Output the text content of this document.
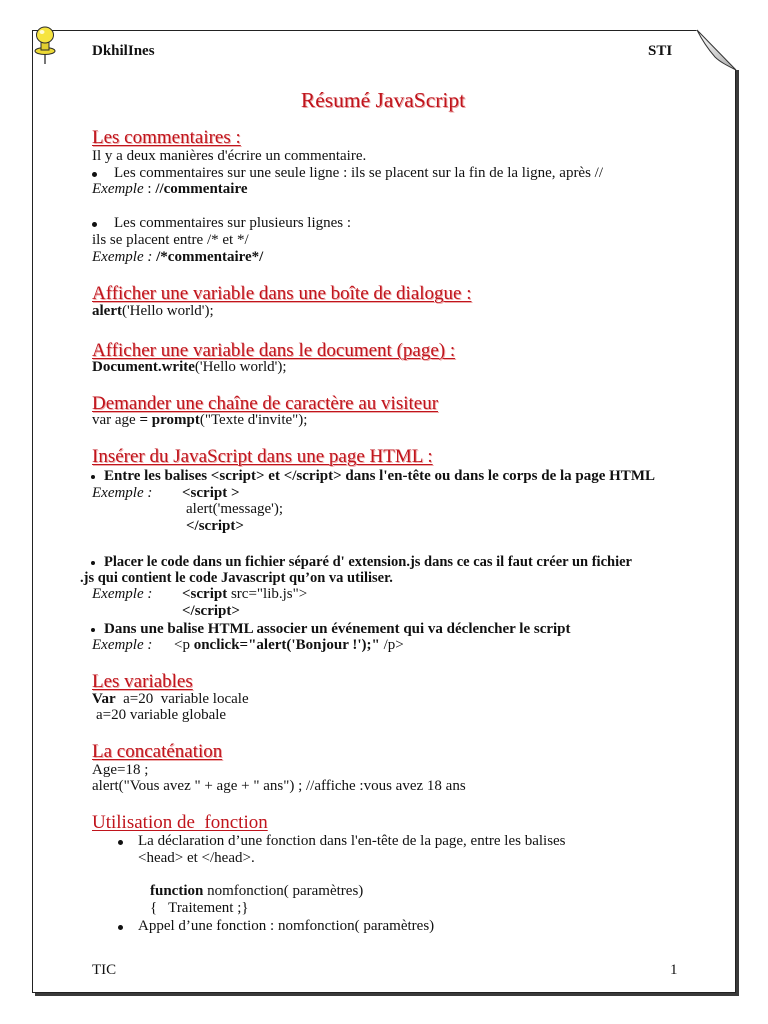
DkhilInes	STI
Résumé JavaScript
Les commentaires :
Il y a deux manières d'écrire un commentaire.
Les commentaires sur une seule ligne : ils se placent sur la fin de la ligne, après //
Exemple : //commentaire
Les commentaires sur plusieurs lignes :
ils se placent entre /* et */
Exemple : /*commentaire*/
Afficher une variable dans une boîte de dialogue :
alert('Hello world');
Afficher une variable dans le document (page) :
Document.write('Hello world');
Demander une chaîne de caractère au visiteur
var age = prompt("Texte d'invite");
Insérer du JavaScript dans une page HTML :
Entre les balises <script> et </script> dans l'en-tête ou dans le corps de la page HTML
Exemple : <script >
alert('message');
</script>
Placer le code dans un fichier séparé d' extension.js dans ce cas il faut créer un fichier
.js qui contient le code Javascript qu’on va utiliser.
Exemple : <script src="lib.js">
</script>
Dans une balise HTML associer un événement qui va déclencher le script
Exemple : <p onclick="alert('Bonjour !');" /p>
Les variables
Var  a=20  variable locale
a=20 variable globale
La concaténation
Age=18 ;
alert("Vous avez " + age + " ans") ; //affiche :vous avez 18 ans
Utilisation de  fonction
La déclaration d’une fonction dans l'en-tête de la page, entre les balises
<head> et </head>.
function nomfonction( paramètres)
{   Traitement ;}
Appel d’une fonction : nomfonction( paramètres)
TIC	1
